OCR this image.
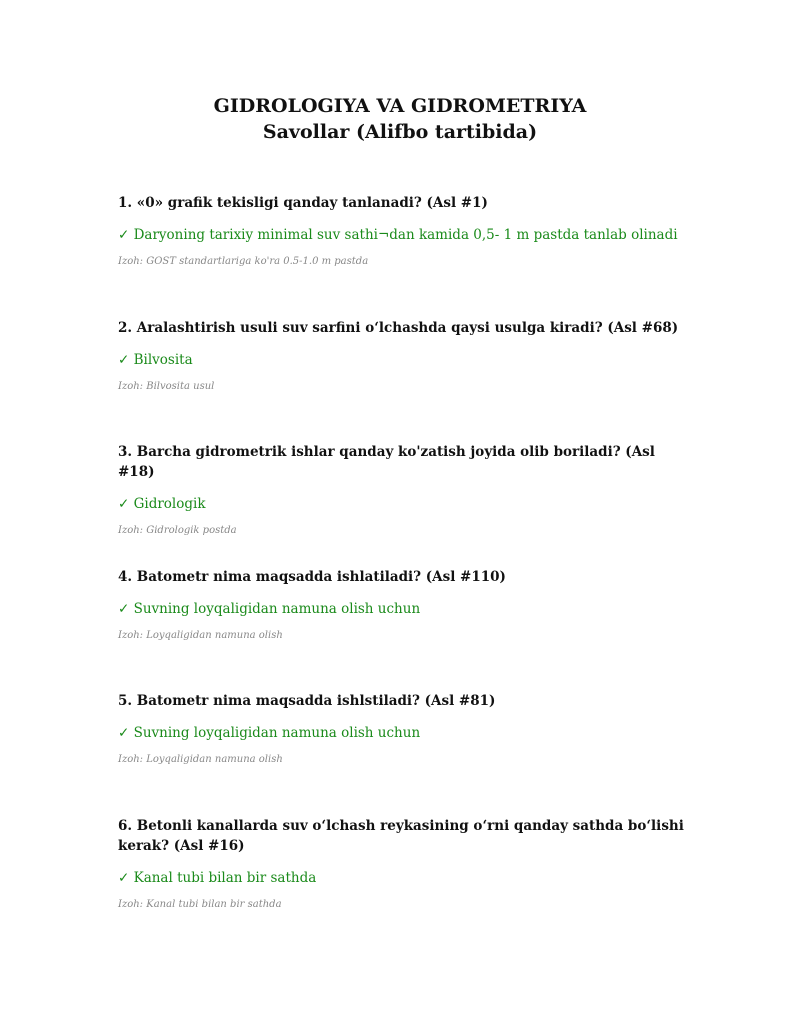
GIDROLOGIYA VA GIDROMETRIYA
Savollar (Alifbo tartibida)
1. «0» grafik tekisligi qanday tanlanadi? (Asl #1)
✓ Daryoning tarixiy minimal suv sathi¬dan kamida 0,5- 1 m pastda tanlab оlinadi
Izoh: GOST standartlariga ko'ra 0.5-1.0 m pastda
2. Aralashtirish usuli suv sarfini o‘lchashda qaysi usulga kiradi? (Asl #68)
✓ Bilvosita
Izoh: Bilvosita usul
3. Barcha gidrometrik ishlar qanday ko'zatish joyida olib boriladi? (Asl #18)
✓ Gidrologik
Izoh: Gidrologik postda
4. Batоmetr nima maqsadda ishlatiladi? (Asl #110)
✓ Suvning lоyqaligidan namuna оlish uchun
Izoh: Loyqaligidan namuna olish
5. Batоmetr nima maqsadda ishlstiladi? (Asl #81)
✓ Suvning lоyqaligidan namuna оlish uchun
Izoh: Loyqaligidan namuna olish
6. Betonli kanallarda suv o‘lchash reykasining o‘rni qanday sathda bo‘lishi kerak? (Asl #16)
✓ Kanal tubi bilan bir sathda
Izoh: Kanal tubi bilan bir sathda
